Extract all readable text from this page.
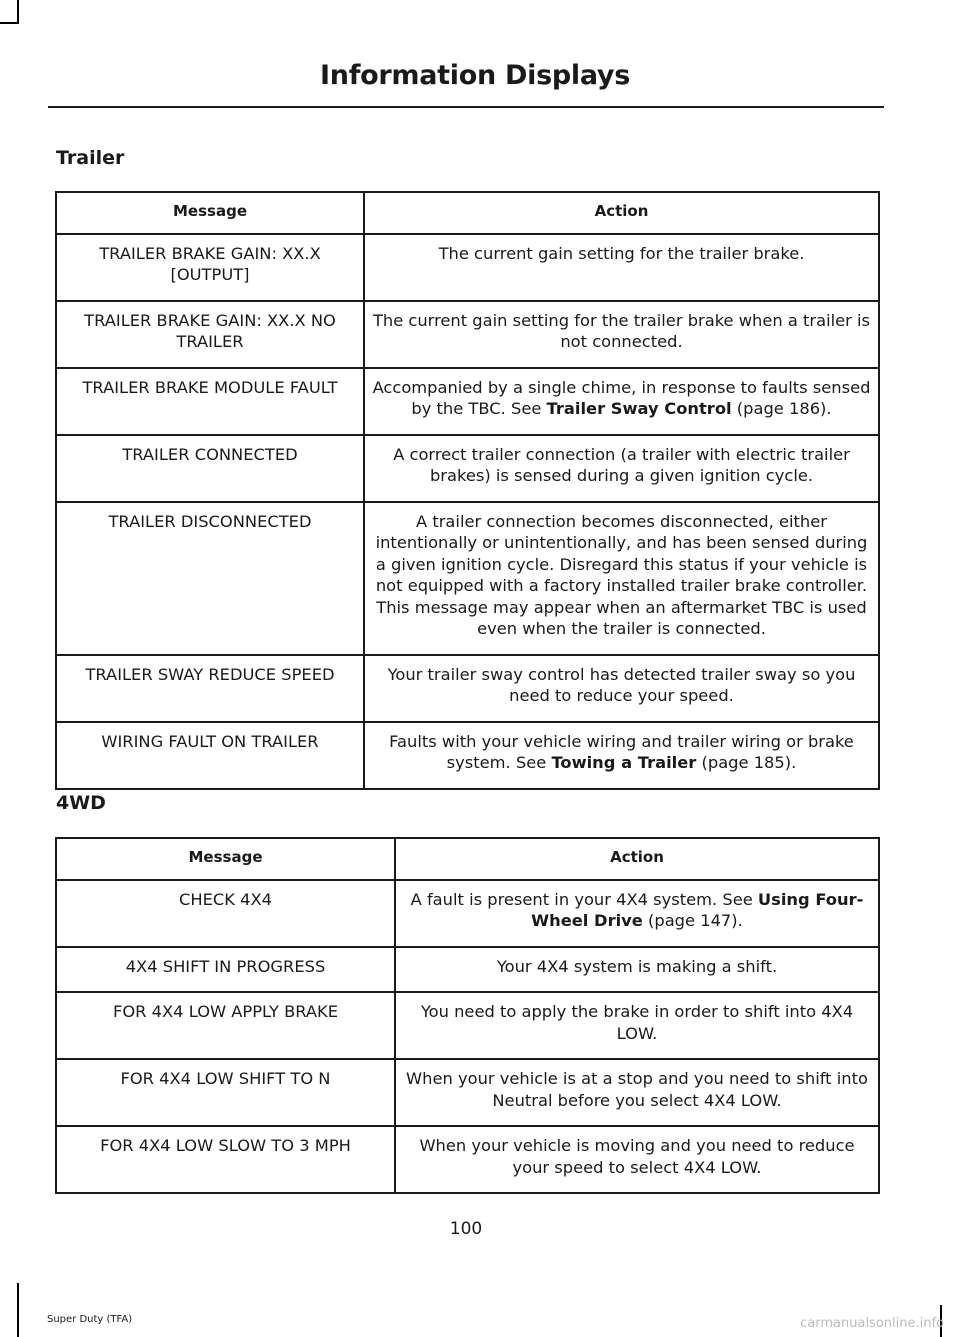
Information Displays
Trailer
Message	Action
TRAILER BRAKE GAIN: XX.X [OUTPUT]	The current gain setting for the trailer brake.
TRAILER BRAKE GAIN: XX.X NO TRAILER	The current gain setting for the trailer brake when a trailer is not connected.
TRAILER BRAKE MODULE FAULT	Accompanied by a single chime, in response to faults sensed by the TBC. See Trailer Sway Control (page 186).
TRAILER CONNECTED	A correct trailer connection (a trailer with electric trailer brakes) is sensed during a given ignition cycle.
TRAILER DISCONNECTED	A trailer connection becomes disconnected, either intentionally or unintentionally, and has been sensed during a given ignition cycle. Disregard this status if your vehicle is not equipped with a factory installed trailer brake controller. This message may appear when an aftermarket TBC is used even when the trailer is connected.
TRAILER SWAY REDUCE SPEED	Your trailer sway control has detected trailer sway so you need to reduce your speed.
WIRING FAULT ON TRAILER	Faults with your vehicle wiring and trailer wiring or brake system. See Towing a Trailer (page 185).
4WD
Message	Action
CHECK 4X4	A fault is present in your 4X4 system. See Using Four-Wheel Drive (page 147).
4X4 SHIFT IN PROGRESS	Your 4X4 system is making a shift.
FOR 4X4 LOW APPLY BRAKE	You need to apply the brake in order to shift into 4X4 LOW.
FOR 4X4 LOW SHIFT TO N	When your vehicle is at a stop and you need to shift into Neutral before you select 4X4 LOW.
FOR 4X4 LOW SLOW TO 3 MPH	When your vehicle is moving and you need to reduce your speed to select 4X4 LOW.
100
Super Duty (TFA)	carmanualsonline.info
